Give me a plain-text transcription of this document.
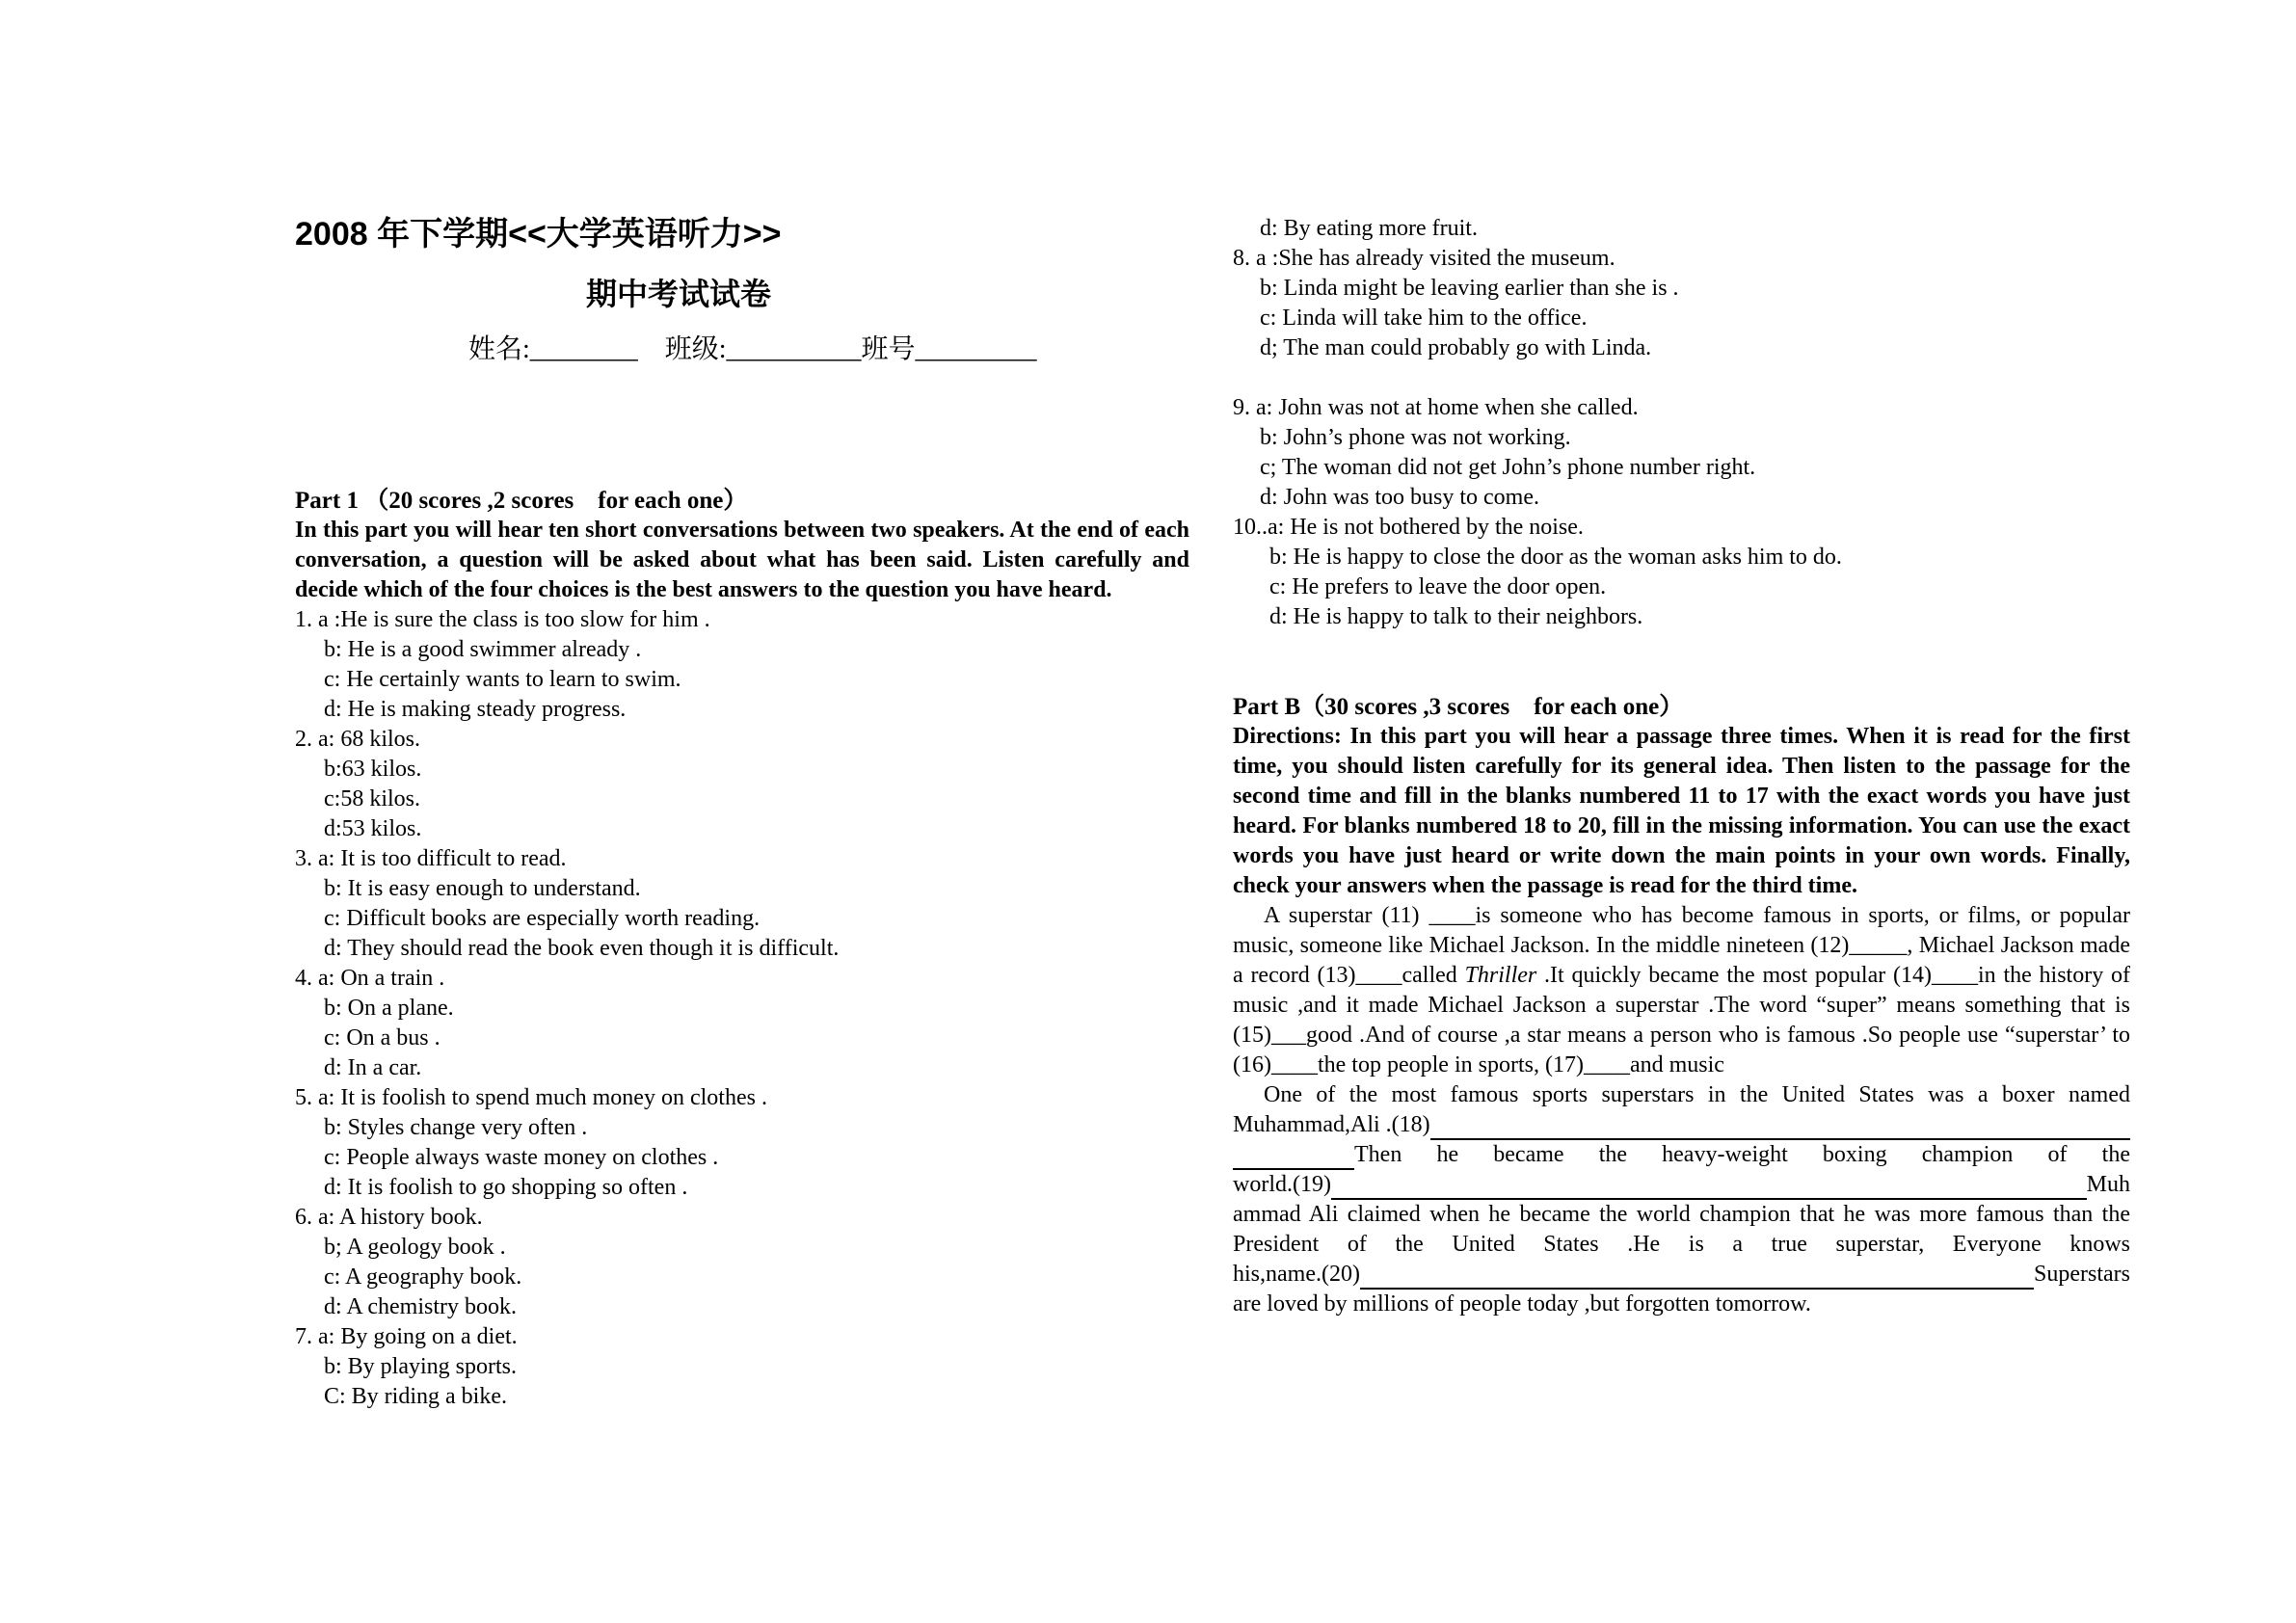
2008 年下学期<<大学英语听力>>
期中考试试卷
姓名:________　班级:__________班号_________
Part 1 （20 scores ,2 scores　for each one）
In this part you will hear ten short conversations between two speakers. At the end of each
conversation, a question will be asked about what has been said. Listen carefully and
decide which of the four choices is the best answers to the question you have heard.
1. a :He is sure the class is too slow for him .
b: He is a good swimmer already .
c: He certainly wants to learn to swim.
d: He is making steady progress.
2. a: 68 kilos.
b:63 kilos.
c:58 kilos.
d:53 kilos.
3. a: It is too difficult to read.
b: It is easy enough to understand.
c: Difficult books are especially worth reading.
d: They should read the book even though it is difficult.
4. a: On a train .
b: On a plane.
c: On a bus .
d: In a car.
5. a: It is foolish to spend much money on clothes .
b: Styles change very often .
c: People always waste money on clothes .
d: It is foolish to go shopping so often .
6. a: A history book.
b; A geology book .
c: A geography book.
d: A chemistry book.
7. a: By going on a diet.
b: By playing sports.
C: By riding a bike.
d: By eating more fruit.
8. a :She has already visited the museum.
b: Linda might be leaving earlier than she is .
c: Linda will take him to the office.
d; The man could probably go with Linda.
9. a: John was not at home when she called.
b: John’s phone was not working.
c; The woman did not get John’s phone number right.
d: John was too busy to come.
10..a: He is not bothered by the noise.
b: He is happy to close the door as the woman asks him to do.
c: He prefers to leave the door open.
d: He is happy to talk to their neighbors.
Part B（30 scores ,3 scores　for each one）
Directions: In this part you will hear a passage three times. When it is read for the first
time, you should listen carefully for its general idea. Then listen to the passage for the
second time and fill in the blanks numbered 11 to 17 with the exact words you have just
heard. For blanks numbered 18 to 20, fill in the missing information. You can use the exact
words you have just heard or write down the main points in your own words. Finally,
check your answers when the passage is read for the third time.
A superstar (11) ____is someone who has become famous in sports, or films, or popular
music, someone like Michael Jackson. In the middle nineteen (12)_____, Michael Jackson made
a record (13)____called Thriller .It quickly became the most popular (14)____in the history of
music ,and it made Michael Jackson a superstar .The word “super” means something that is
(15)___good .And of course ,a star means a person who is famous .So people use “superstar’ to
(16)____the top people in sports, (17)____and music
One of the most famous sports superstars in the United States was a boxer named
Muhammad,Ali .(18)
Then he became the heavy-weight boxing champion of the
world.(19)	Muh
ammad Ali claimed when he became the world champion that he was more famous than the
President of the United States .He is a true superstar, Everyone knows
his,name.(20)	Superstars
are loved by millions of people today ,but forgotten tomorrow.
